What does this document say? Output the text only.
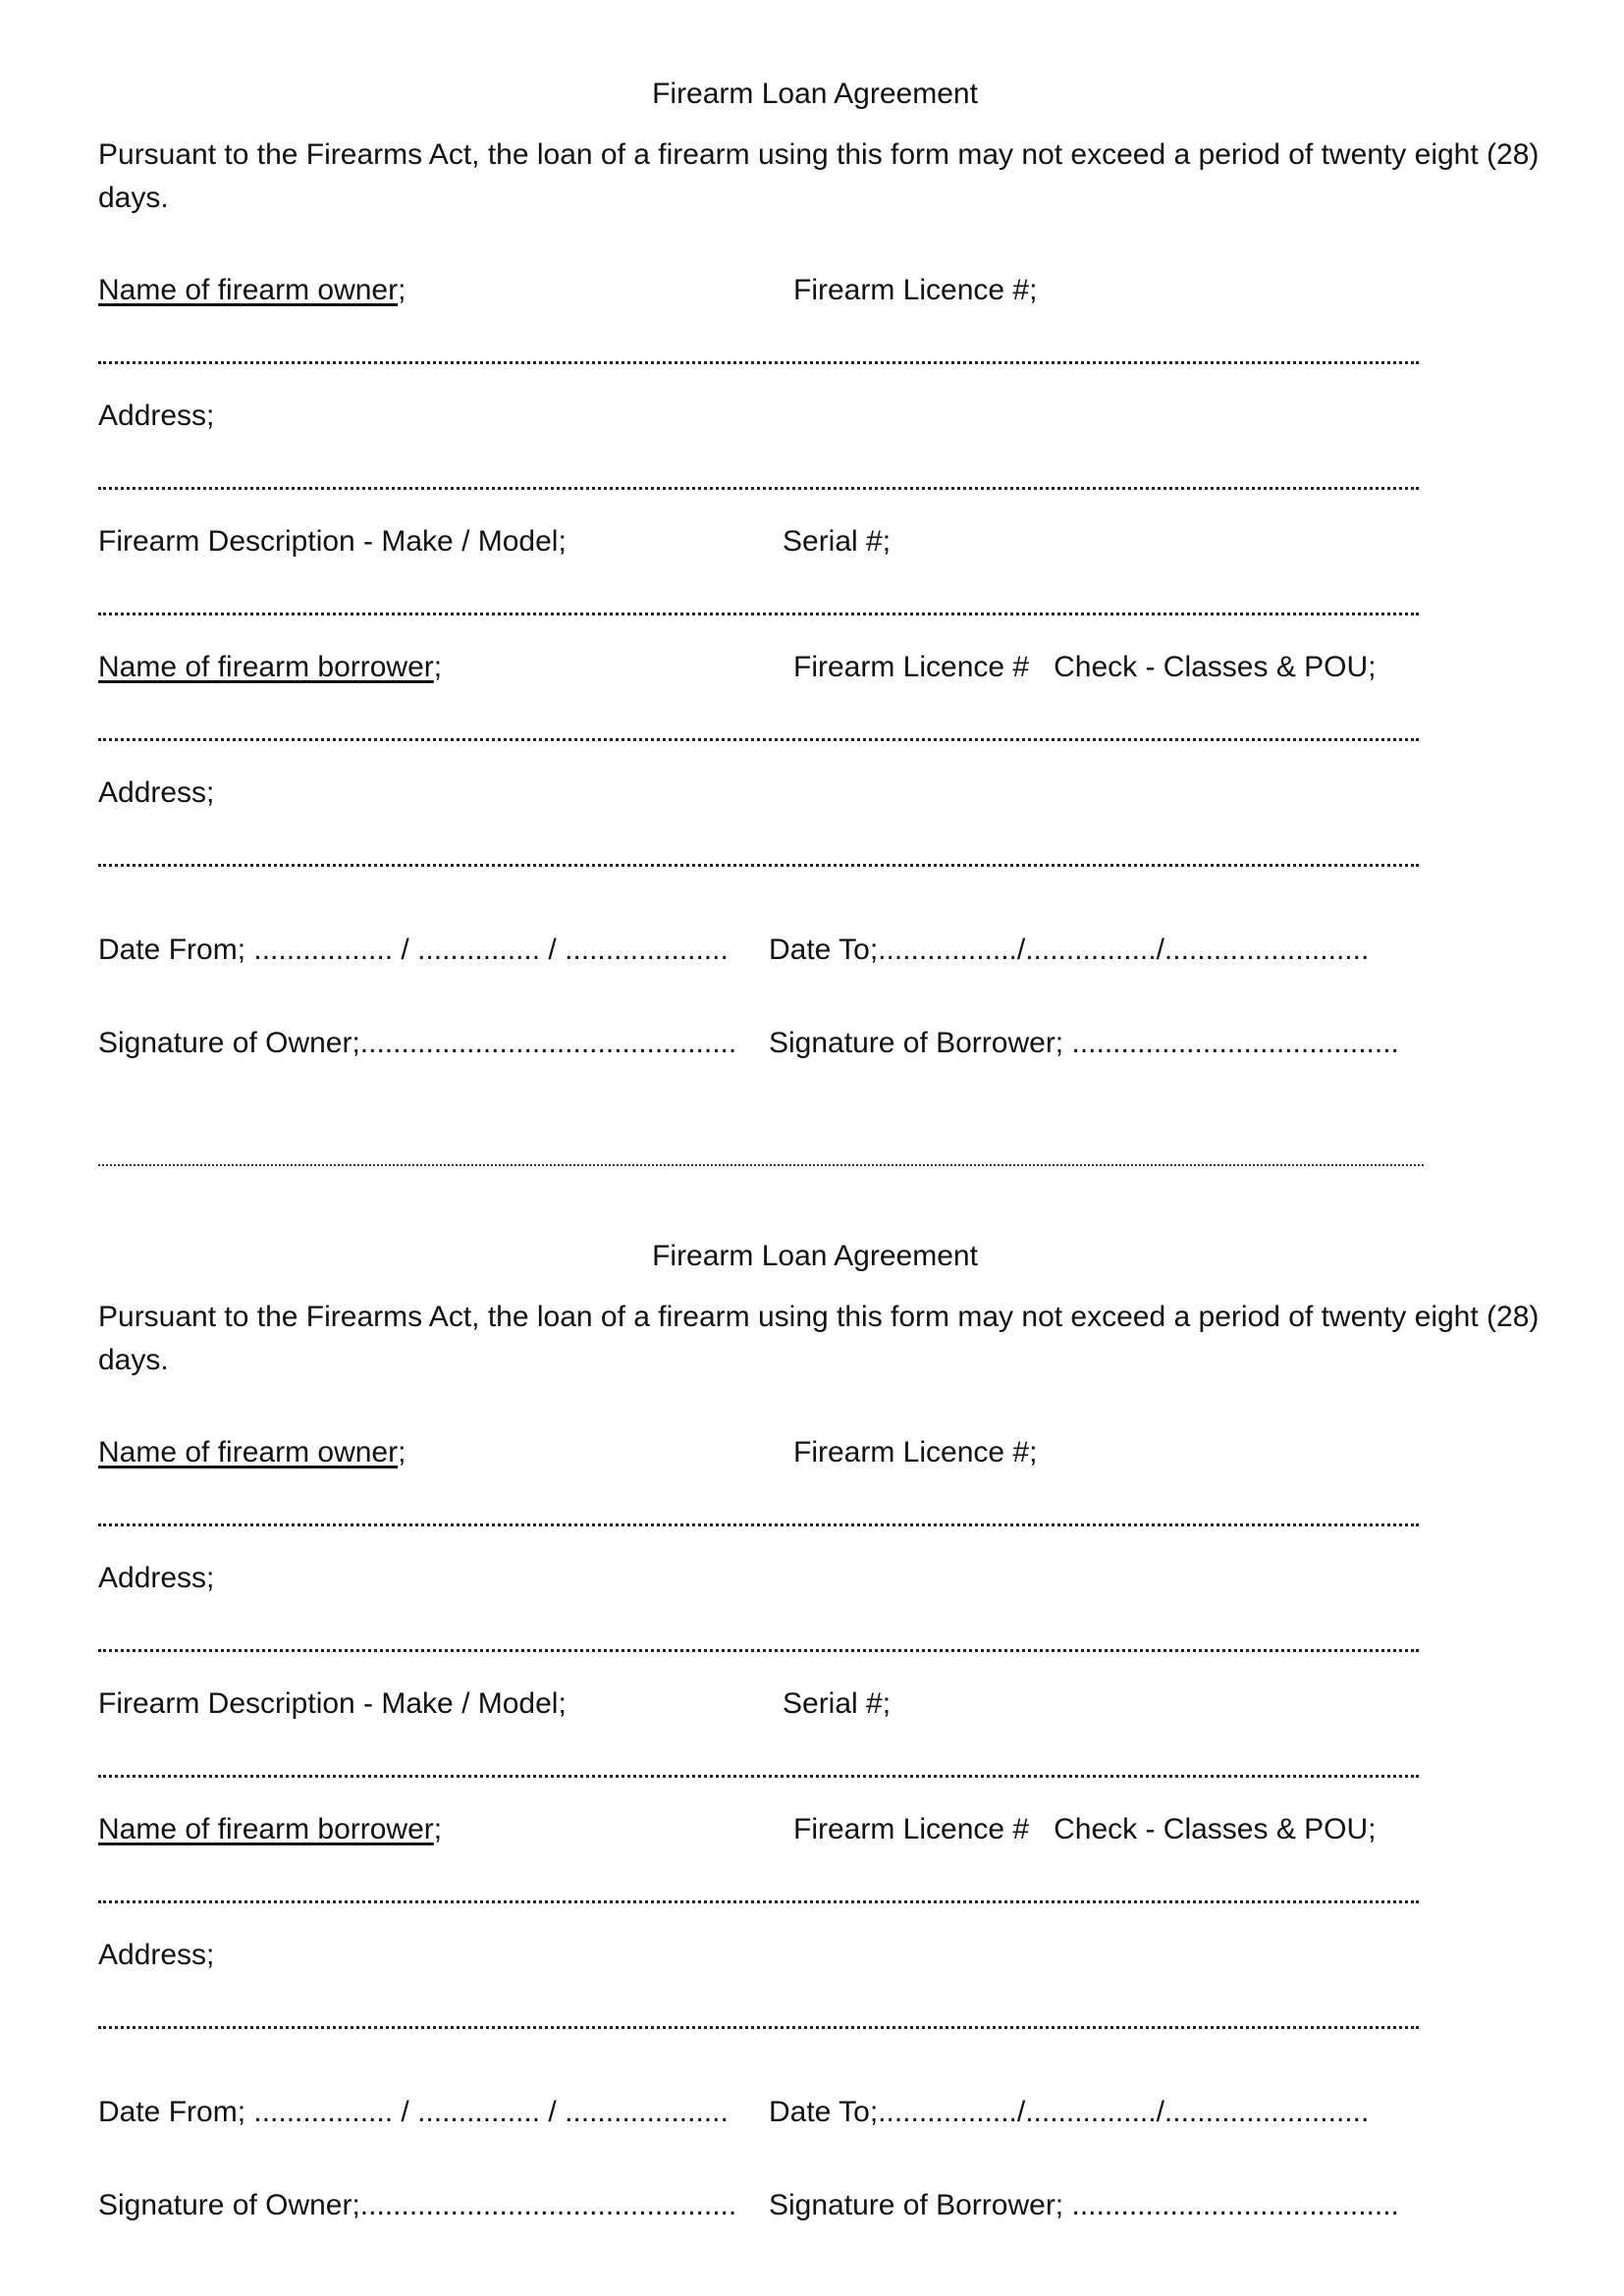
Firearm Loan Agreement
Pursuant to the Firearms Act, the loan of a firearm using this form may not exceed a period of twenty eight (28)
days.
Name of firearm owner;	Firearm Licence #;
Address;
Firearm Description - Make / Model;	Serial #;
Name of firearm borrower;	Firearm Licence #   Check - Classes & POU;
Address;
Date From; ................. / ............... / .................... Date To;................./................/.........................
Signature of Owner;.............................................. Signature of Borrower; ........................................
Firearm Loan Agreement
Pursuant to the Firearms Act, the loan of a firearm using this form may not exceed a period of twenty eight (28)
days.
Name of firearm owner;	Firearm Licence #;
Address;
Firearm Description - Make / Model;	Serial #;
Name of firearm borrower;	Firearm Licence #   Check - Classes & POU;
Address;
Date From; ................. / ............... / .................... Date To;................./................/.........................
Signature of Owner;.............................................. Signature of Borrower; ........................................
